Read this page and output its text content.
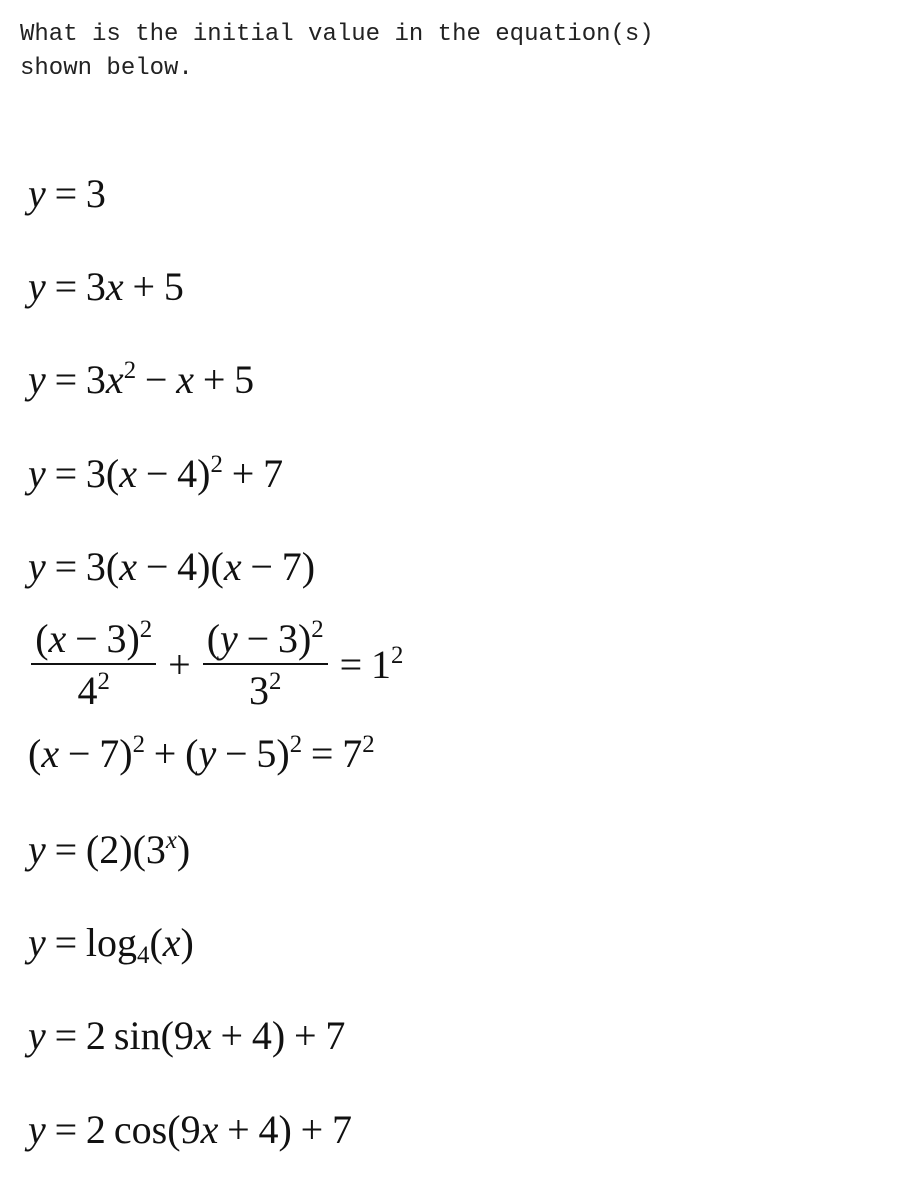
What is the initial value in the equation(s)
shown below.

y = 3
y = 3x + 5
$y = 3x^2 - x + 5$
$y = 3(x - 4)^2 + 7$
y = 3(x − 4)(x − 7)
$\frac{(x - 3)^2}{4^2} + \frac{(y - 3)^2}{3^2} = 1^2$
$(x - 7)^2 + (y - 5)^2 = 7^2$
$y = (2)(3^x)$
$y = \log_4(x)$
y = 2 sin(9x + 4) + 7
y = 2 cos(9x + 4) + 7
